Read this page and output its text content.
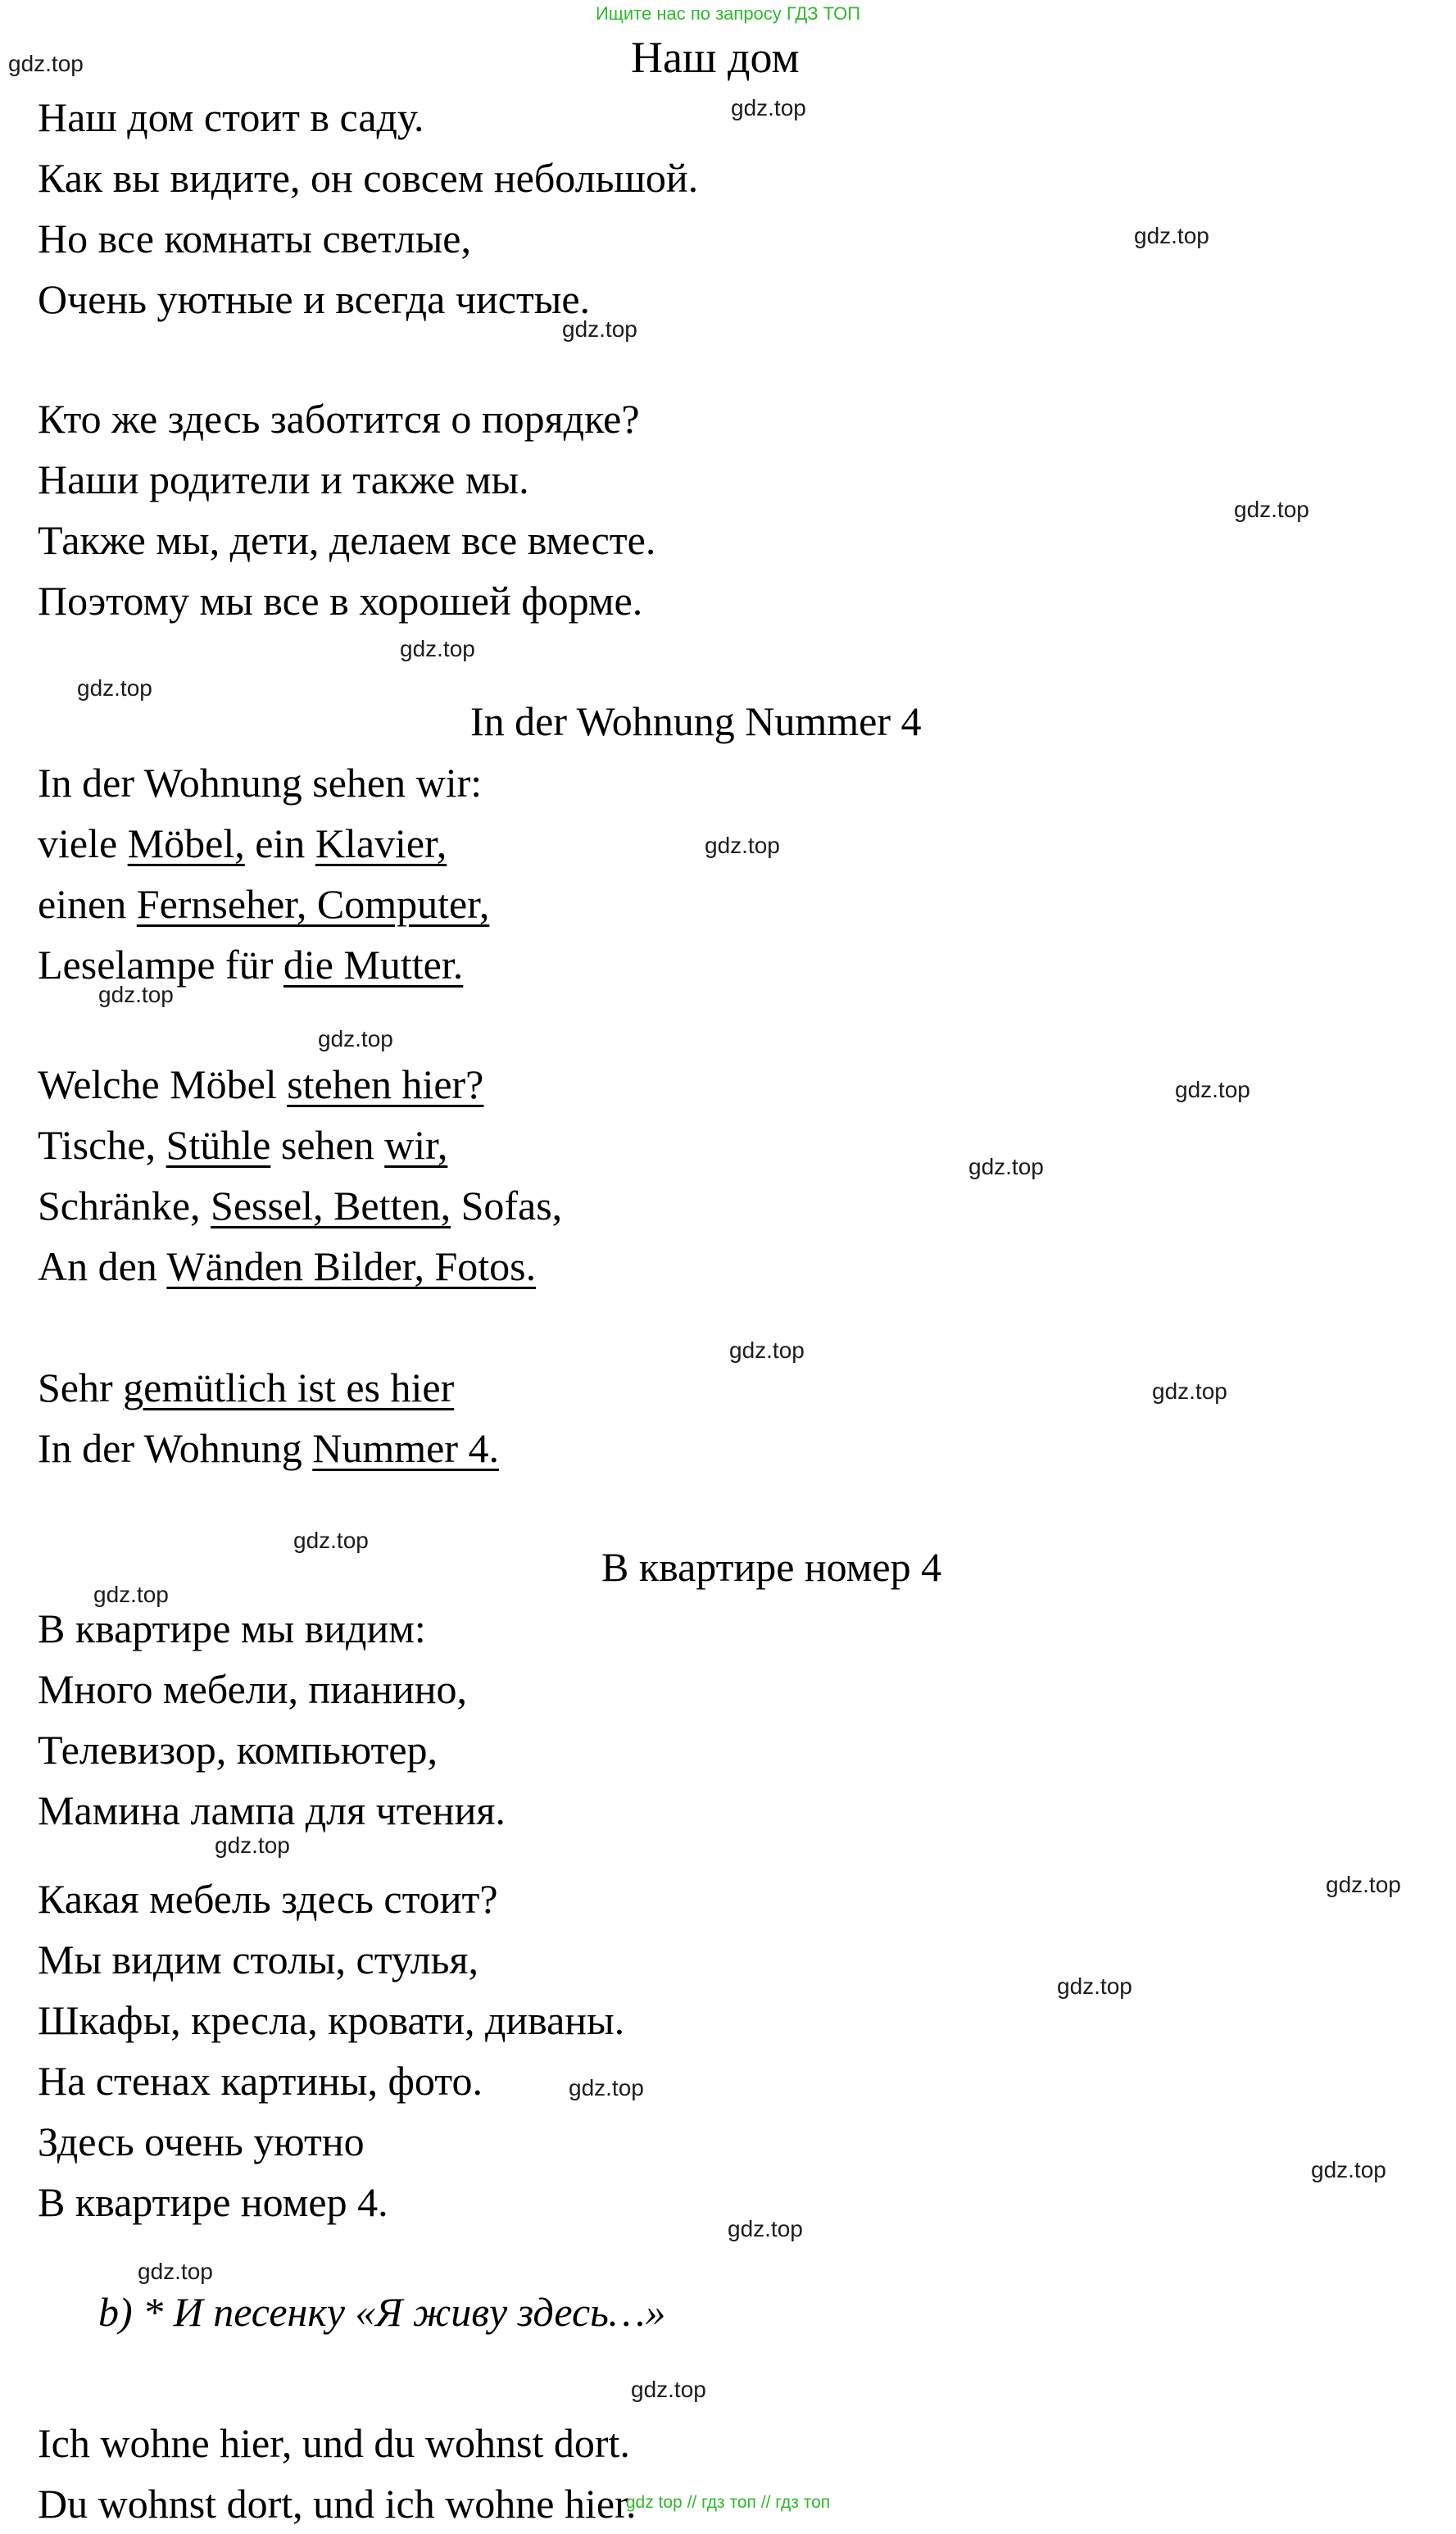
Ищите нас по запросу ГДЗ ТОП
gdz.top
gdz.top
gdz.top
gdz.top
gdz.top
gdz.top
gdz.top
gdz.top
gdz.top
gdz.top
gdz.top
gdz.top
gdz.top
gdz.top
gdz.top
gdz.top
gdz.top
gdz.top
gdz.top
gdz.top
gdz.top
gdz.top
gdz.top
gdz.top
Наш дом
Наш дом стоит в саду.
Как вы видите, он совсем небольшой.
Но все комнаты светлые,
Очень уютные и всегда чистые.
Кто же здесь заботится о порядке?
Наши родители и также мы.
Также мы, дети, делаем все вместе.
Поэтому мы все в хорошей форме.
In der Wohnung Nummer 4
In der Wohnung sehen wir:
viele Möbel, ein Klavier,
einen Fernseher, Computer,
Leselampe für die Mutter.
Welche Möbel stehen hier?
Tische, Stühle sehen wir,
Schränke, Sessel, Betten, Sofas,
An den Wänden Bilder, Fotos.
Sehr gemütlich ist es hier
In der Wohnung Nummer 4.
В квартире номер 4
В квартире мы видим:
Много мебели, пианино,
Телевизор, компьютер,
Мамина лампа для чтения.
Какая мебель здесь стоит?
Мы видим столы, стулья,
Шкафы, кресла, кровати, диваны.
На стенах картины, фото.
Здесь очень уютно
В квартире номер 4.
b) * И песенку «Я живу здесь…»
Ich wohne hier, und du wohnst dort.
Du wohnst dort, und ich wohne hier.
gdz top // гдз топ // гдз топ
